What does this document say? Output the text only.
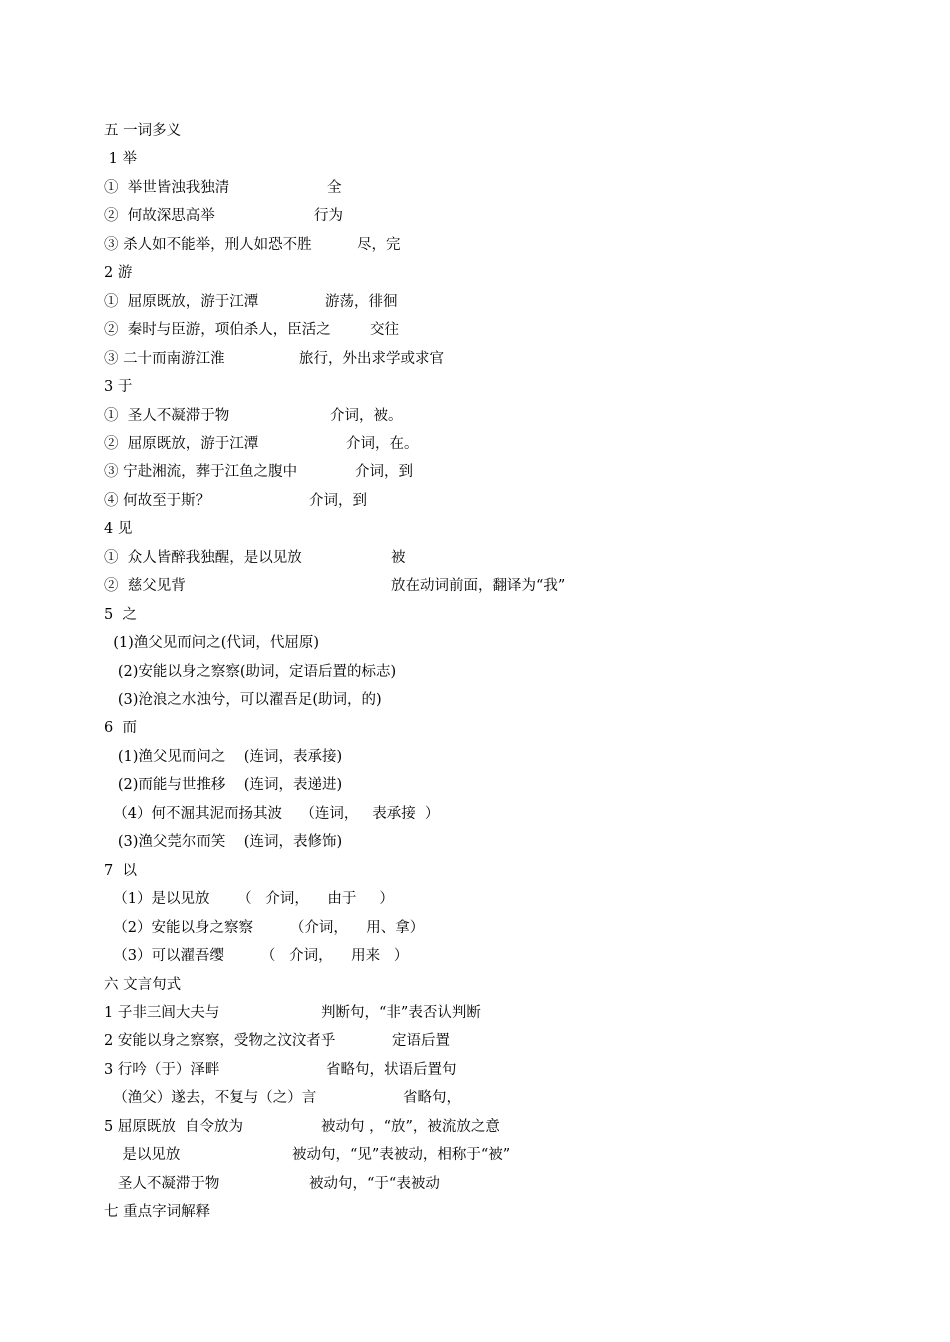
五 一词多义
1 举
①  举世皆浊我独清	全
②  何故深思高举	行为
③ 杀人如不能举，刑人如恐不胜	尽，完
2 游
①  屈原既放，游于江潭	游荡，徘徊
②  秦时与臣游，项伯杀人，臣活之	交往
③ 二十而南游江淮	旅行，外出求学或求官
3 于
①  圣人不凝滞于物	介词，被。
②  屈原既放，游于江潭	介词，在。
③ 宁赴湘流，葬于江鱼之腹中	介词，到
④ 何故至于斯？	介词，到
4 见
①  众人皆醉我独醒，是以见放	被
②  慈父见背	放在动词前面，翻译为“我”
5  之
(1)渔父见而问之(代词，代屈原)
(2)安能以身之察察(助词，定语后置的标志)
(3)沧浪之水浊兮，可以濯吾足(助词，的)
6  而
(1)渔父见而问之    (连词，表承接)
(2)而能与世推移    (连词，表递进)
（4）何不淈其泥而扬其波    （连词，   表承接  ）
(3)渔父莞尔而笑    (连词，表修饰)
7  以
（1）是以见放      （   介词，    由于     ）
（2）安能以身之察察        （介词，    用、拿）
（3）可以濯吾缨        （   介词，    用来   ）
六 文言句式
1 子非三闾大夫与	判断句，“非”表否认判断
2 安能以身之察察，受物之汶汶者乎	定语后置
3 行吟（于）泽畔	省略句，状语后置句
（渔父）遂去，不复与（之）言	省略句，
5 屈原既放  自令放为	被动句 ，“放”，被流放之意
是以见放	被动句，“见”表被动，相称于“被”
圣人不凝滞于物	被动句，“于“表被动
七 重点字词解释
